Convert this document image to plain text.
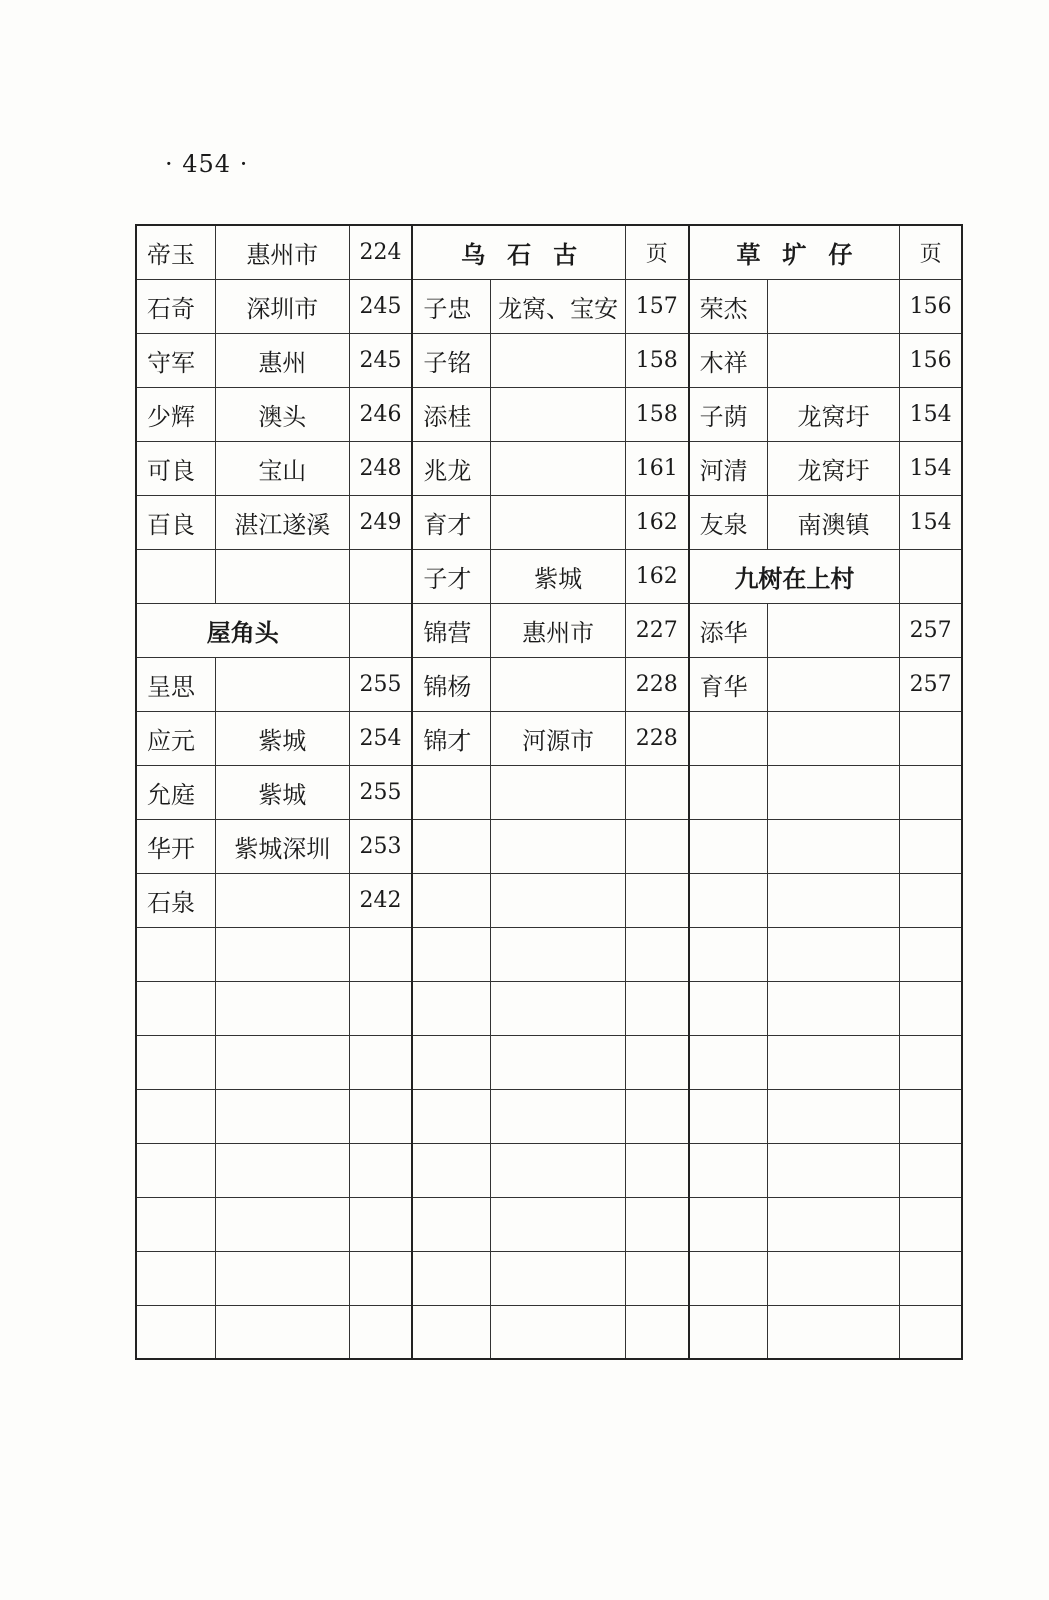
· 454 ·
帝玉	惠州市	224	乌石古		页	草圹仔		页
石奇	深圳市	245	子忠	龙窝、宝安	157	荣杰		156
守军	惠州	245	子铭		158	木祥		156
少辉	澳头	246	添桂		158	子荫	龙窝圩	154
可良	宝山	248	兆龙		161	河清	龙窝圩	154
百良	湛江遂溪	249	育才		162	友泉	南澳镇	154
			子才	紫城	162	九树在上村		
屋角头			锦营	惠州市	227	添华		257
呈思		255	锦杨		228	育华		257
应元	紫城	254	锦才	河源市	228			
允庭	紫城	255						
华开	紫城深圳	253						
石泉		242						
